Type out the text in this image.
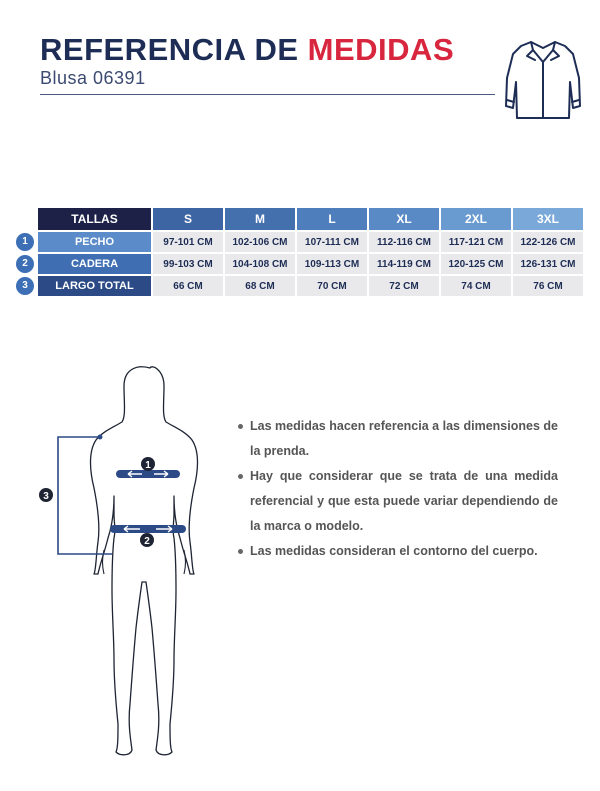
REFERENCIA DE MEDIDAS
Blusa 06391
	TALLAS	S	M	L	XL	2XL	3XL
1	PECHO	97-101 CM	102-106 CM	107-111 CM	112-116 CM	117-121 CM	122-126 CM
2	CADERA	99-103 CM	104-108 CM	109-113 CM	114-119 CM	120-125 CM	126-131 CM
3	LARGO TOTAL	66 CM	68 CM	70 CM	72 CM	74 CM	76 CM
1
2
3
Las medidas hacen referencia a las dimensiones de la prenda.
Hay que considerar que se trata de una medida referencial y que esta puede variar dependiendo de la marca o modelo.
Las medidas consideran el contorno del cuerpo.
